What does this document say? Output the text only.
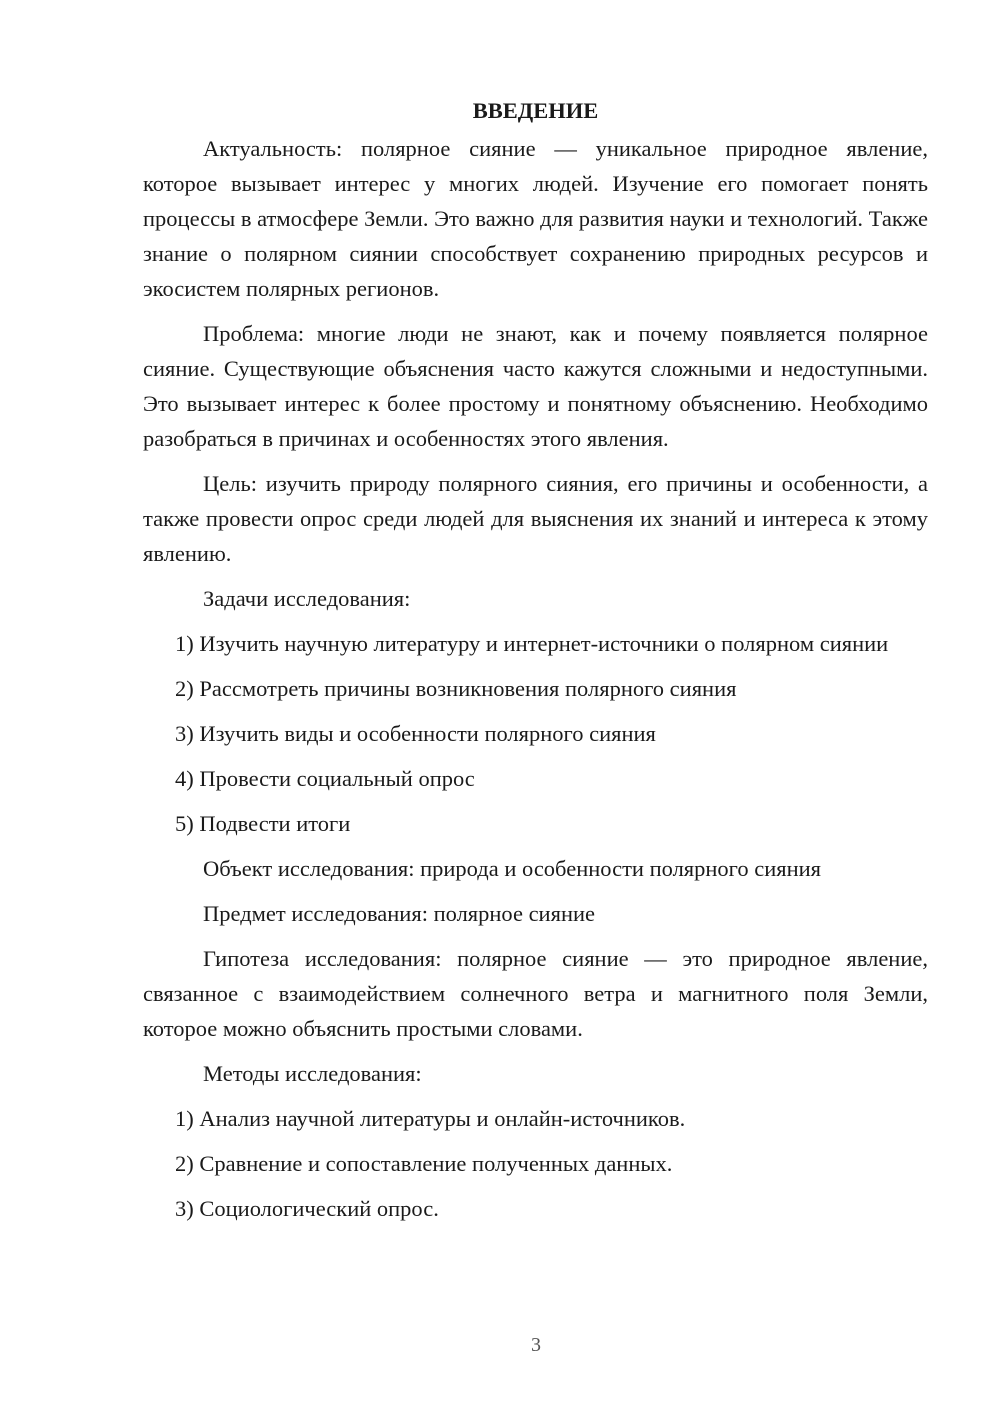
ВВЕДЕНИЕ

Актуальность: полярное сияние — уникальное природное явление, которое вызывает интерес у многих людей. Изучение его помогает понять процессы в атмосфере Земли. Это важно для развития науки и технологий. Также знание о полярном сиянии способствует сохранению природных ресурсов и экосистем полярных регионов.

Проблема: многие люди не знают, как и почему появляется полярное сияние. Существующие объяснения часто кажутся сложными и недоступными. Это вызывает интерес к более простому и понятному объяснению. Необходимо разобраться в причинах и особенностях этого явления.

Цель: изучить природу полярного сияния, его причины и особенности, а также провести опрос среди людей для выяснения их знаний и интереса к этому явлению.

Задачи исследования:

1) Изучить научную литературу и интернет-источники о полярном сиянии

2) Рассмотреть причины возникновения полярного сияния
3) Изучить виды и особенности полярного сияния
4) Провести социальный опрос
5) Подвести итоги
Объект исследования: природа и особенности полярного сияния
Предмет исследования: полярное сияние

Гипотеза исследования: полярное сияние — это природное явление, связанное с взаимодействием солнечного ветра и магнитного поля Земли, которое можно объяснить простыми словами.

Методы исследования:
1) Анализ научной литературы и онлайн-источников.
2) Сравнение и сопоставление полученных данных.
3) Социологический опрос.
3
